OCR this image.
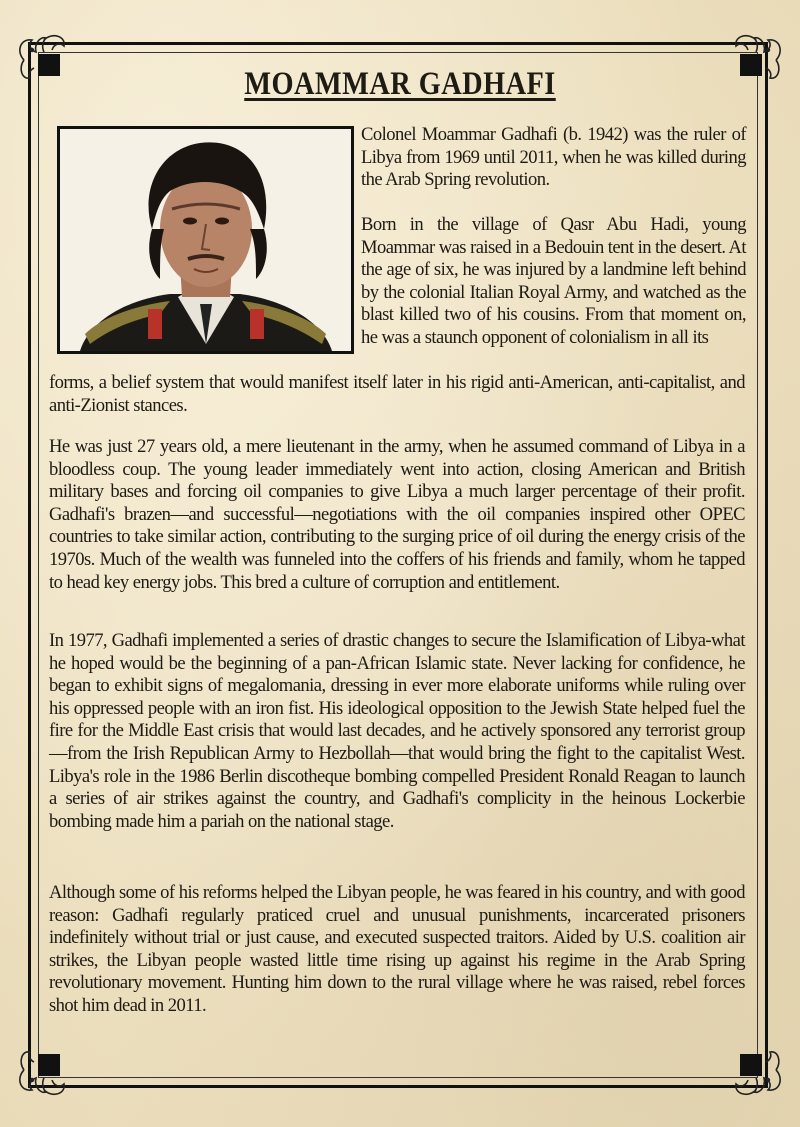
MOAMMAR GADHAFI

Colonel Moammar Gadhafi (b. 1942) was the ruler of Libya from 1969 until 2011, when he was killed during the Arab Spring revolution.

Born in the village of Qasr Abu Hadi, young Moammar was raised in a Bedouin tent in the desert. At the age of six, he was injured by a landmine left behind by the colonial Italian Royal Army, and watched as the blast killed two of his cousins. From that moment on, he was a staunch opponent of colonialism in all its

forms, a belief system that would manifest itself later in his rigid anti-American, anti-capitalist, and anti-Zionist stances.

He was just 27 years old, a mere lieutenant in the army, when he assumed command of Libya in a bloodless coup. The young leader immediately went into action, closing American and British military bases and forcing oil companies to give Libya a much larger percentage of their profit. Gadhafi's brazen—and successful—negotiations with the oil companies inspired other OPEC countries to take similar action, contributing to the surging price of oil during the energy crisis of the 1970s. Much of the wealth was funneled into the coffers of his friends and family, whom he tapped to head key energy jobs. This bred a culture of corruption and entitlement.

In 1977, Gadhafi implemented a series of drastic changes to secure the Islamification of Libya-what he hoped would be the beginning of a pan-African Islamic state. Never lacking for confidence, he began to exhibit signs of megalomania, dressing in ever more elaborate uniforms while ruling over his oppressed people with an iron fist. His ideological opposition to the Jewish State helped fuel the fire for the Middle East crisis that would last decades, and he actively sponsored any terrorist group—from the Irish Republican Army to Hezbollah—that would bring the fight to the capitalist West. Libya's role in the 1986 Berlin discotheque bombing compelled President Ronald Reagan to launch a series of air strikes against the country, and Gadhafi's complicity in the heinous Lockerbie bombing made him a pariah on the national stage.

Although some of his reforms helped the Libyan people, he was feared in his country, and with good reason: Gadhafi regularly praticed cruel and unusual punishments, incarcerated prisoners indefinitely without trial or just cause, and executed suspected traitors. Aided by U.S. coalition air strikes, the Libyan people wasted little time rising up against his regime in the Arab Spring revolutionary movement. Hunting him down to the rural village where he was raised, rebel forces shot him dead in 2011.
